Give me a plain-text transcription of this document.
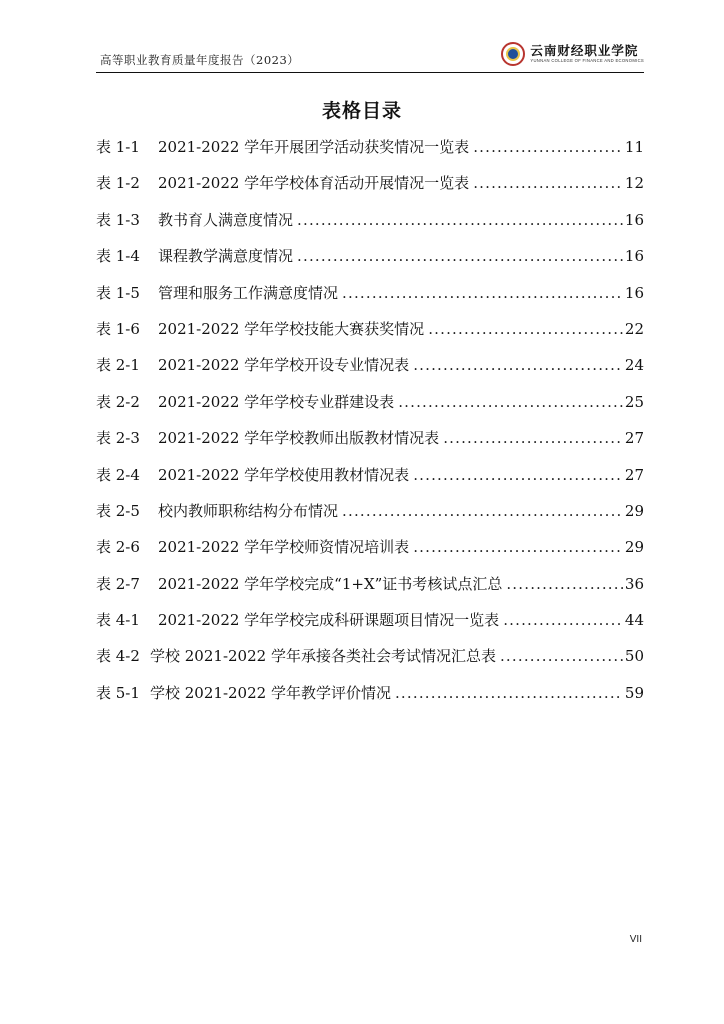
高等职业教育质量年度报告（2023）
云南财经职业学院
YUNNAN COLLEGE OF FINANCE AND ECONOMICS
表格目录
表 1-1	2021-2022 学年开展团学活动获奖情况一览表 .....	11
表 1-2	2021-2022 学年学校体育活动开展情况一览表 .....	12
表 1-3	教书育人满意度情况 .....	16
表 1-4	课程教学满意度情况 .....	16
表 1-5	管理和服务工作满意度情况 .....	16
表 1-6	2021-2022 学年学校技能大赛获奖情况 .....	22
表 2-1	2021-2022 学年学校开设专业情况表 .....	24
表 2-2	2021-2022 学年学校专业群建设表 .....	25
表 2-3	2021-2022 学年学校教师出版教材情况表 .....	27
表 2-4	2021-2022 学年学校使用教材情况表 .....	27
表 2-5	校内教师职称结构分布情况 .....	29
表 2-6	2021-2022 学年学校师资情况培训表 .....	29
表 2-7	2021-2022 学年学校完成“1+X”证书考核试点汇总 .....	36
表 4-1	2021-2022 学年学校完成科研课题项目情况一览表 .....	44
表 4-2 学校 2021-2022 学年承接各类社会考试情况汇总表 .....	50
表 5-1 学校 2021-2022 学年教学评价情况 .....	59
VII
